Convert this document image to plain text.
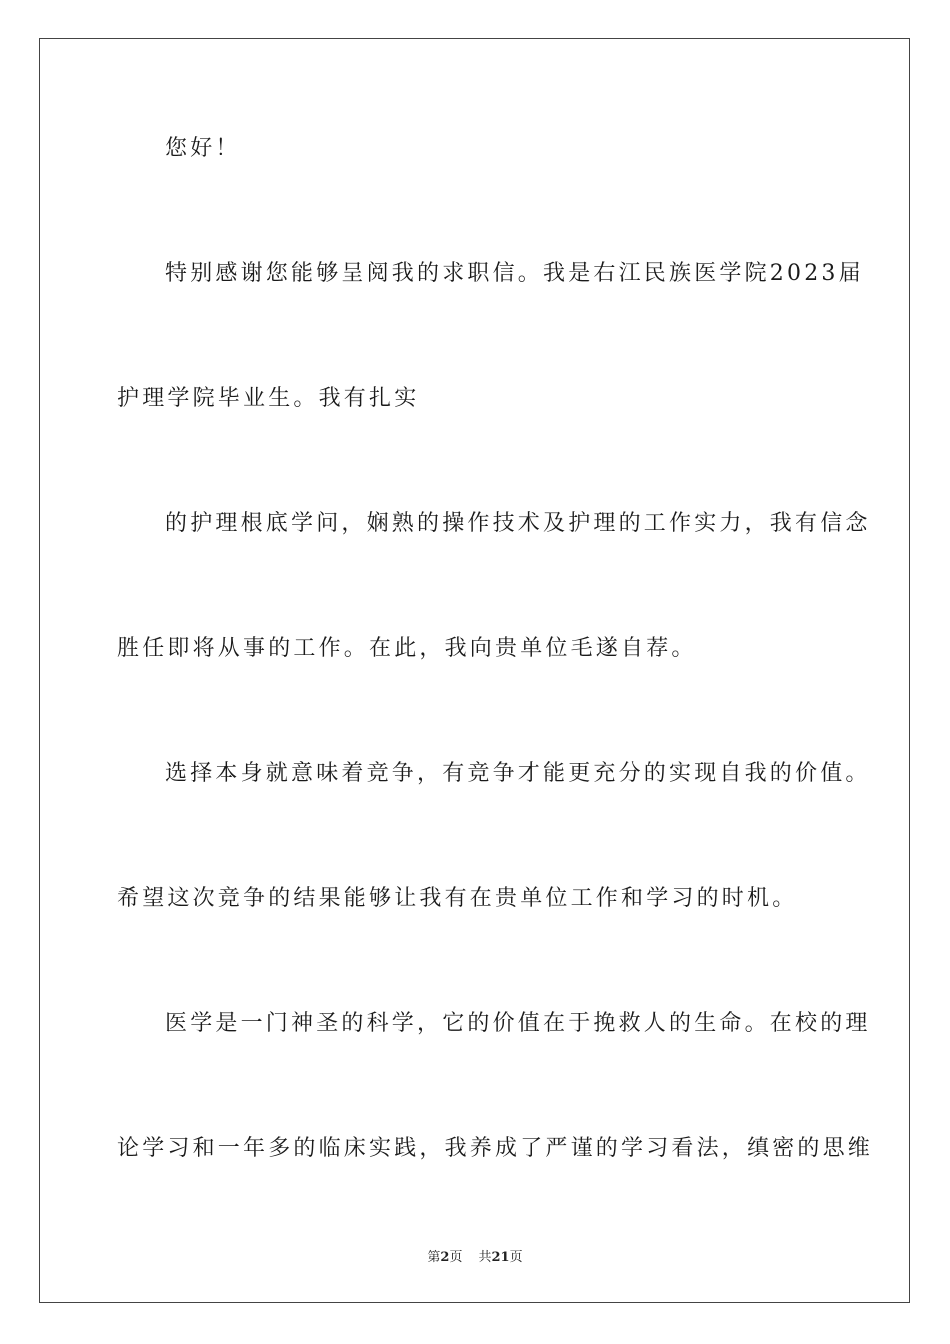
您好！
特别感谢您能够呈阅我的求职信。我是右江民族医学院2023届
护理学院毕业生。我有扎实
的护理根底学问，娴熟的操作技术及护理的工作实力，我有信念
胜任即将从事的工作。在此，我向贵单位毛遂自荐。
选择本身就意味着竞争，有竞争才能更充分的实现自我的价值。
希望这次竞争的结果能够让我有在贵单位工作和学习的时机。
医学是一门神圣的科学，它的价值在于挽救人的生命。在校的理
论学习和一年多的临床实践，我养成了严谨的学习看法，缜密的思维
第2页 共21页
